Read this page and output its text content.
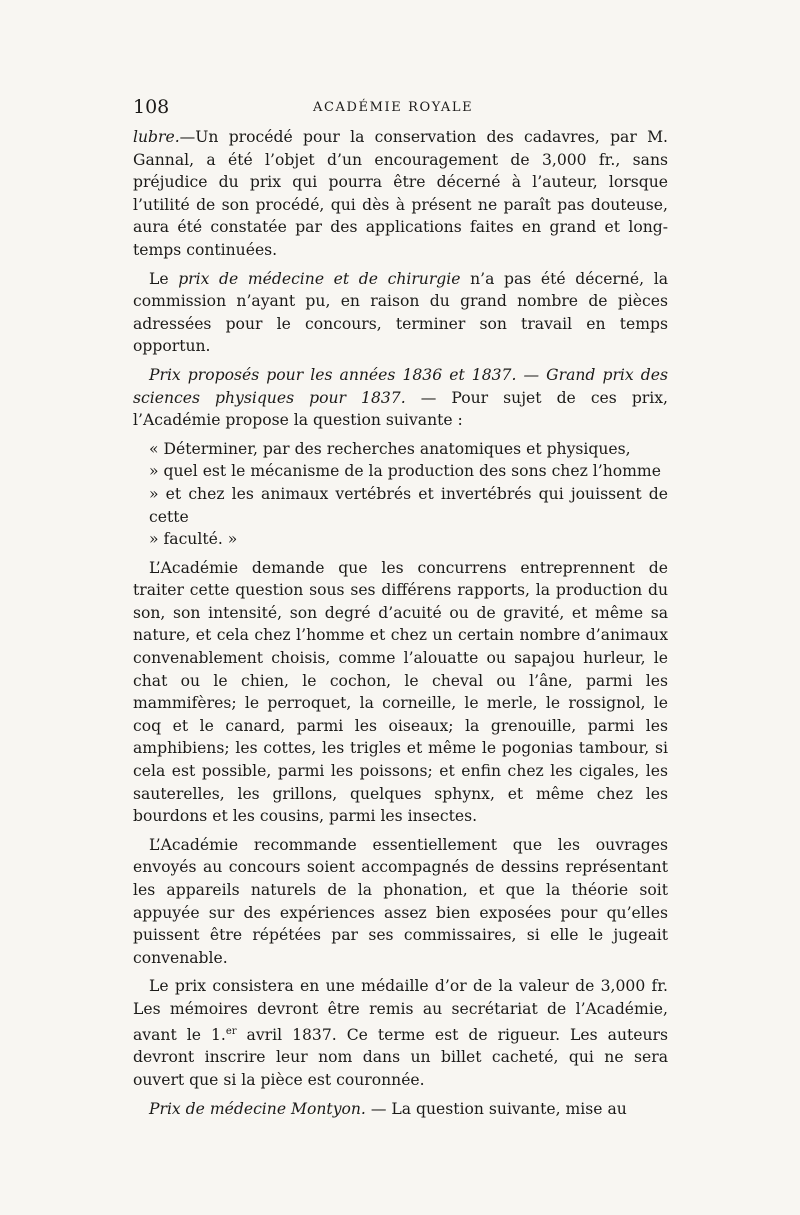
108	ACADÉMIE ROYALE

lubre.—Un procédé pour la conservation des cadavres, par M. Gannal, a été l’objet d’un encouragement de 3,000 fr., sans préjudice du prix qui pourra être décerné à l’auteur, lorsque l’utilité de son procédé, qui dès à présent ne paraît pas douteuse, aura été constatée par des applications faites en grand et long-temps continuées.

Le prix de médecine et de chirurgie n’a pas été décerné, la commission n’ayant pu, en raison du grand nombre de pièces adressées pour le concours, terminer son travail en temps opportun.

Prix proposés pour les années 1836 et 1837. — Grand prix des sciences physiques pour 1837. — Pour sujet de ces prix, l’Académie propose la question suivante :

« Déterminer, par des recherches anatomiques et physiques,

» quel est le mécanisme de la production des sons chez l’homme

» et chez les animaux vertébrés et invertébrés qui jouissent de cette

» faculté. »

L’Académie demande que les concurrens entreprennent de traiter cette question sous ses différens rapports, la production du son, son intensité, son degré d’acuité ou de gravité, et même sa nature, et cela chez l’homme et chez un certain nombre d’animaux convenablement choisis, comme l’alouatte ou sapajou hurleur, le chat ou le chien, le cochon, le cheval ou l’âne, parmi les mammifères; le perroquet, la corneille, le merle, le rossignol, le coq et le canard, parmi les oiseaux; la grenouille, parmi les amphibiens; les cottes, les trigles et même le pogonias tambour, si cela est possible, parmi les poissons; et enfin chez les cigales, les sauterelles, les grillons, quelques sphynx, et même chez les bourdons et les cousins, parmi les insectes.

L’Académie recommande essentiellement que les ouvrages envoyés au concours soient accompagnés de dessins représentant les appareils naturels de la phonation, et que la théorie soit appuyée sur des expériences assez bien exposées pour qu’elles puissent être répétées par ses commissaires, si elle le jugeait convenable.

Le prix consistera en une médaille d’or de la valeur de 3,000 fr. Les mémoires devront être remis au secrétariat de l’Académie, avant le 1.$^{er}$ avril 1837. Ce terme est de rigueur. Les auteurs devront inscrire leur nom dans un billet cacheté, qui ne sera ouvert que si la pièce est couronnée.

Prix de médecine Montyon. — La question suivante, mise au
